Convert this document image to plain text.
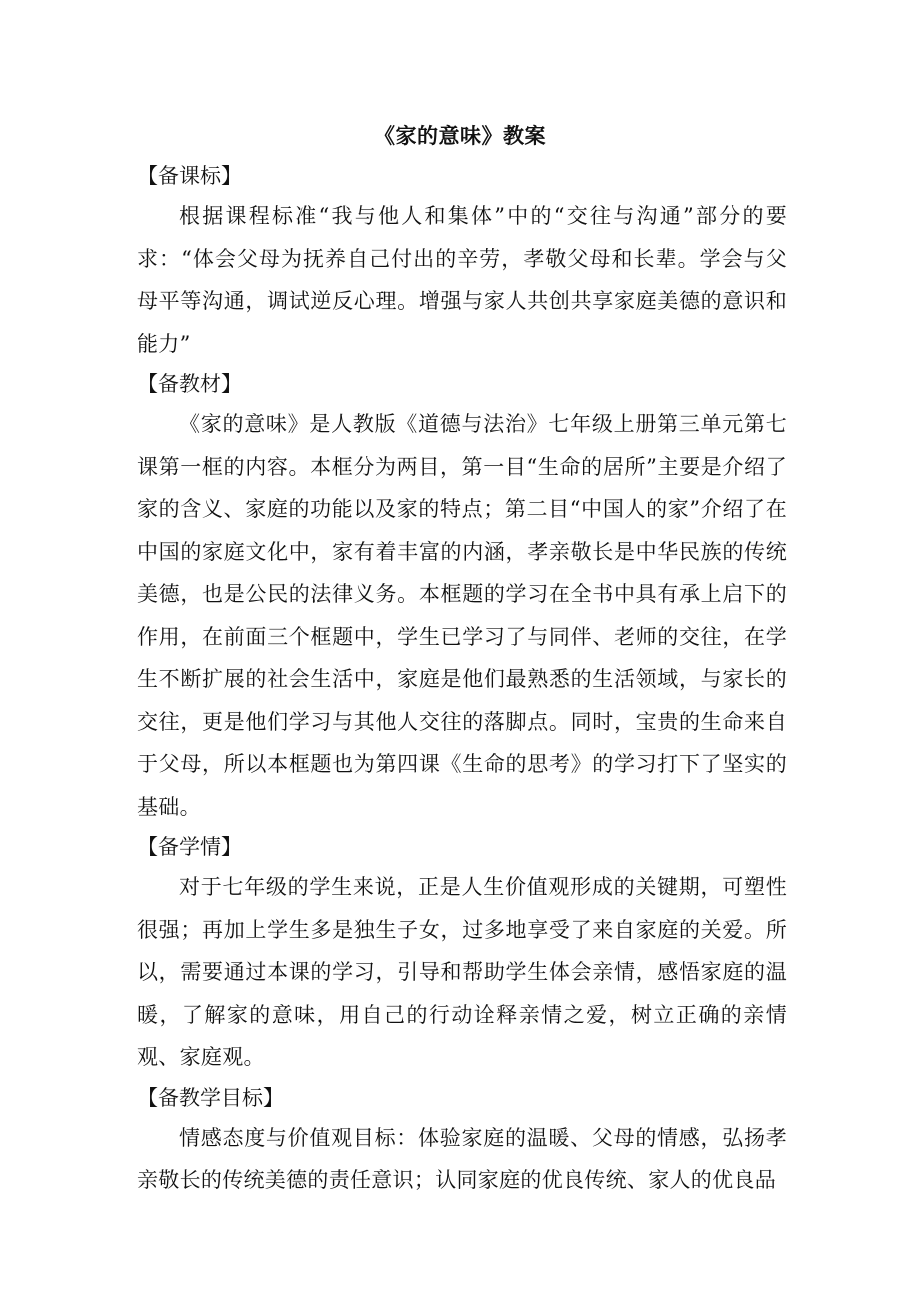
《家的意味》教案

【备课标】

根据课程标准“我与他人和集体”中的“交往与沟通”部分的要求：“体会父母为抚养自己付出的辛劳，孝敬父母和长辈。学会与父母平等沟通，调试逆反心理。增强与家人共创共享家庭美德的意识和能力”

【备教材】

《家的意味》是人教版《道德与法治》七年级上册第三单元第七课第一框的内容。本框分为两目，第一目“生命的居所”主要是介绍了家的含义、家庭的功能以及家的特点；第二目“中国人的家”介绍了在中国的家庭文化中，家有着丰富的内涵，孝亲敬长是中华民族的传统美德，也是公民的法律义务。本框题的学习在全书中具有承上启下的作用，在前面三个框题中，学生已学习了与同伴、老师的交往，在学生不断扩展的社会生活中，家庭是他们最熟悉的生活领域，与家长的交往，更是他们学习与其他人交往的落脚点。同时，宝贵的生命来自于父母，所以本框题也为第四课《生命的思考》的学习打下了坚实的基础。

【备学情】

对于七年级的学生来说，正是人生价值观形成的关键期，可塑性很强；再加上学生多是独生子女，过多地享受了来自家庭的关爱。所以，需要通过本课的学习，引导和帮助学生体会亲情，感悟家庭的温暖，了解家的意味，用自己的行动诠释亲情之爱，树立正确的亲情观、家庭观。

【备教学目标】

情感态度与价值观目标：体验家庭的温暖、父母的情感，弘扬孝亲敬长的传统美德的责任意识；认同家庭的优良传统、家人的优良品
